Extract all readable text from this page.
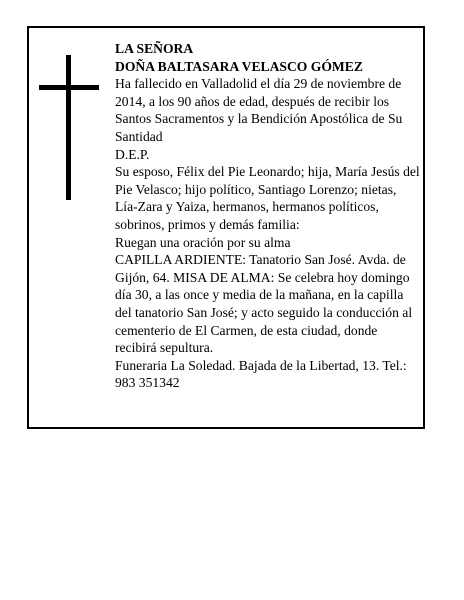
LA SEÑORA

DOÑA BALTASARA VELASCO GÓMEZ

Ha fallecido en Valladolid el día 29 de noviembre de 2014, a los 90 años de edad, después de recibir los Santos Sacramentos y la Bendición Apostólica de Su Santidad

D.E.P.

Su esposo, Félix del Pie Leonardo; hija, María Jesús del Pie Velasco; hijo político, Santiago Lorenzo; nietas, Lía-Zara y Yaiza, hermanos, hermanos políticos, sobrinos, primos y demás familia:

Ruegan una oración por su alma

CAPILLA ARDIENTE: Tanatorio San José. Avda. de Gijón, 64. MISA DE ALMA: Se celebra hoy domingo día 30, a las once y media de la mañana, en la capilla del tanatorio San José; y acto seguido la conducción al cementerio de El Carmen, de esta ciudad, donde recibirá sepultura.

Funeraria La Soledad. Bajada de la Libertad, 13. Tel.: 983 351342
